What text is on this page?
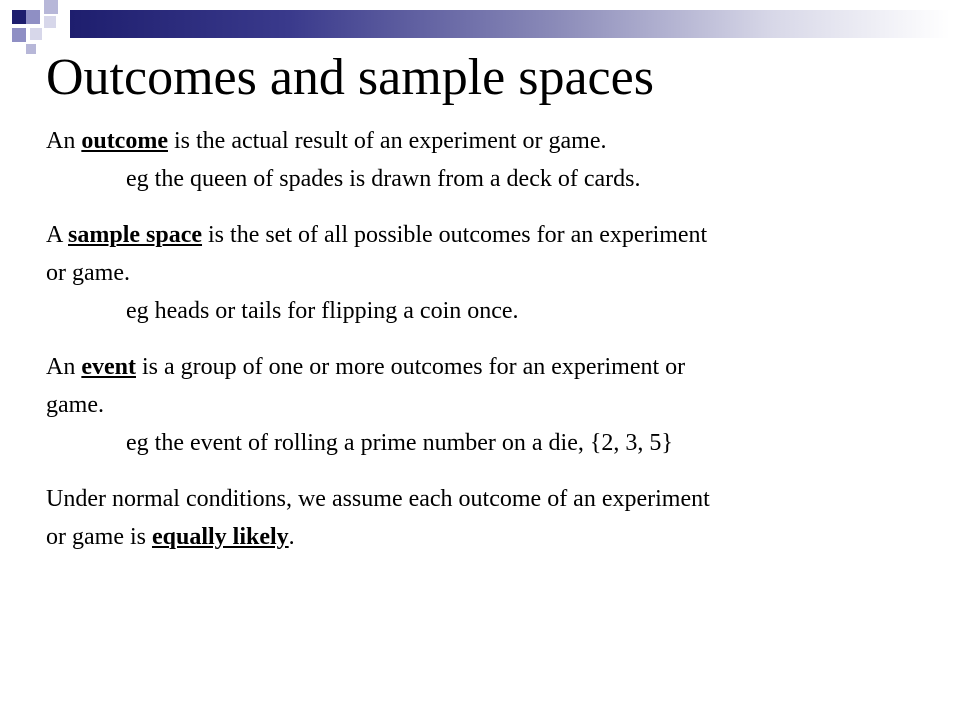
Outcomes and sample spaces
An outcome is the actual result of an experiment or game.
eg the queen of spades is drawn from a deck of cards.
A sample space is the set of all possible outcomes for an experiment
or game.
eg heads or tails for flipping a coin once.
An event is a group of one or more outcomes for an experiment or
game.
eg the event of rolling a prime number on a die, {2, 3, 5}
Under normal conditions, we assume each outcome of an experiment
or game is equally likely.
